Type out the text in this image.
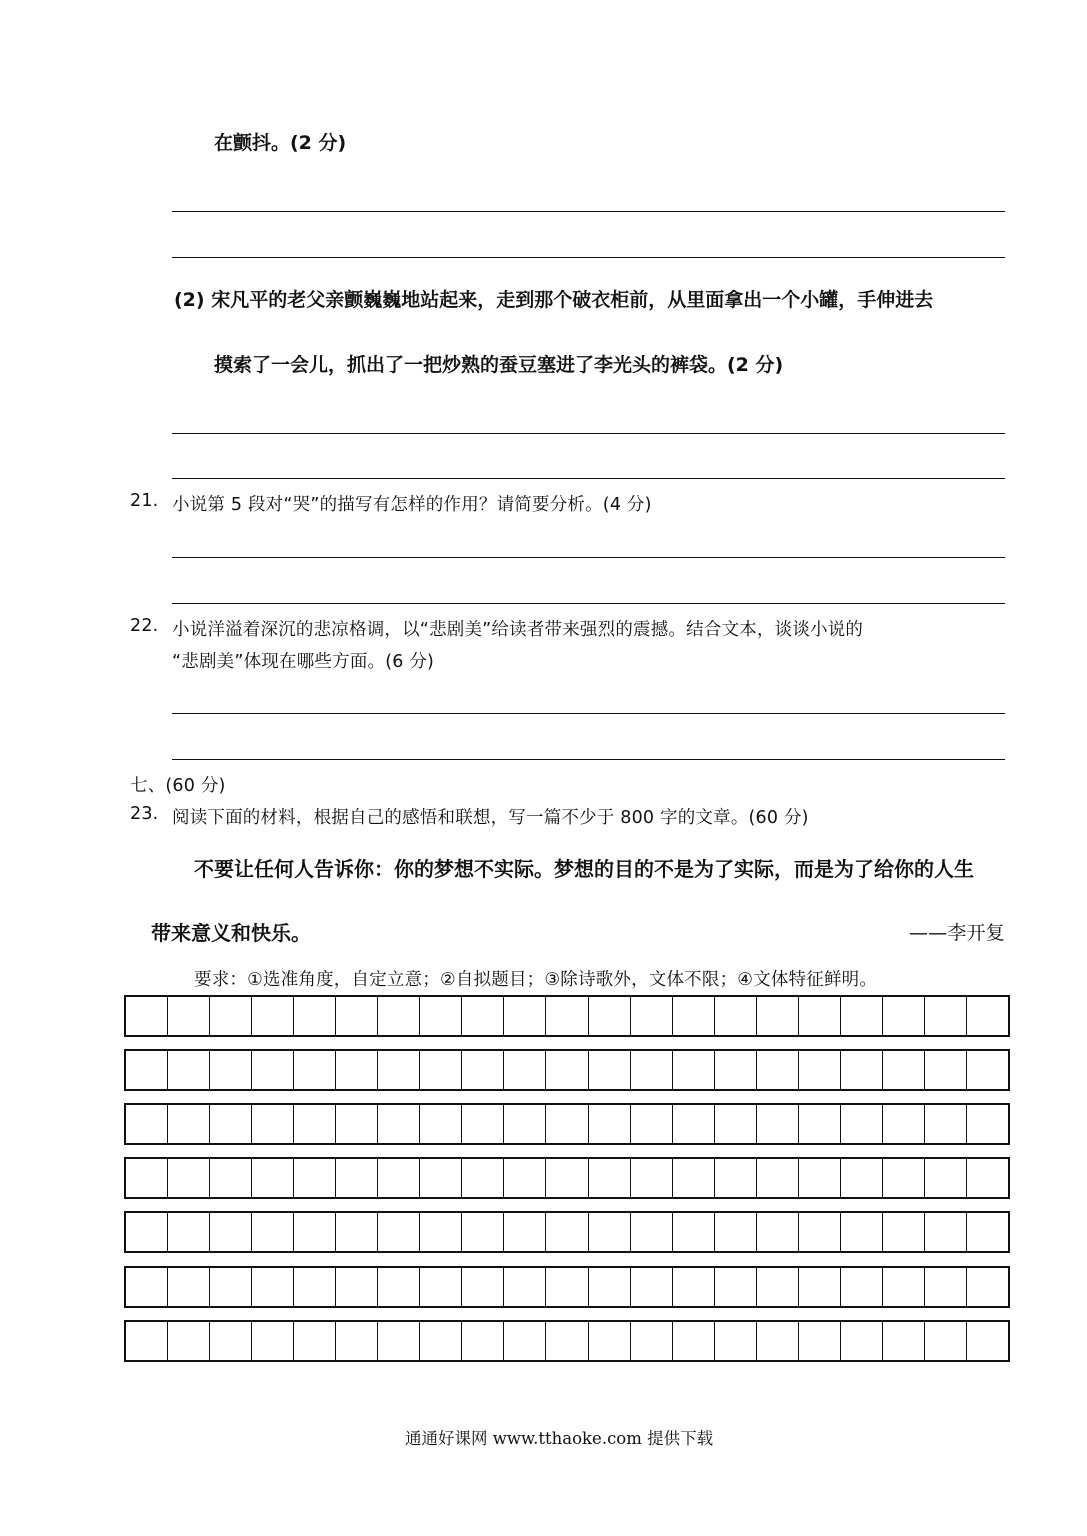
在颤抖。(2 分)
(2) 宋凡平的老父亲颤巍巍地站起来，走到那个破衣柜前，从里面拿出一个小罐，手伸进去
摸索了一会儿，抓出了一把炒熟的蚕豆塞进了李光头的裤袋。(2 分)
21. 小说第 5 段对“哭”的描写有怎样的作用？请简要分析。(4 分)
22. 小说洋溢着深沉的悲凉格调，以“悲剧美”给读者带来强烈的震撼。结合文本，谈谈小说的
“悲剧美”体现在哪些方面。(6 分)
七、(60 分)
23. 阅读下面的材料，根据自己的感悟和联想，写一篇不少于 800 字的文章。(60 分)
不要让任何人告诉你：你的梦想不实际。梦想的目的不是为了实际，而是为了给你的人生
带来意义和快乐。	——李开复
要求：①选准角度，自定立意；②自拟题目；③除诗歌外，文体不限；④文体特征鲜明。
通通好课网 www.tthaoke.com 提供下载
